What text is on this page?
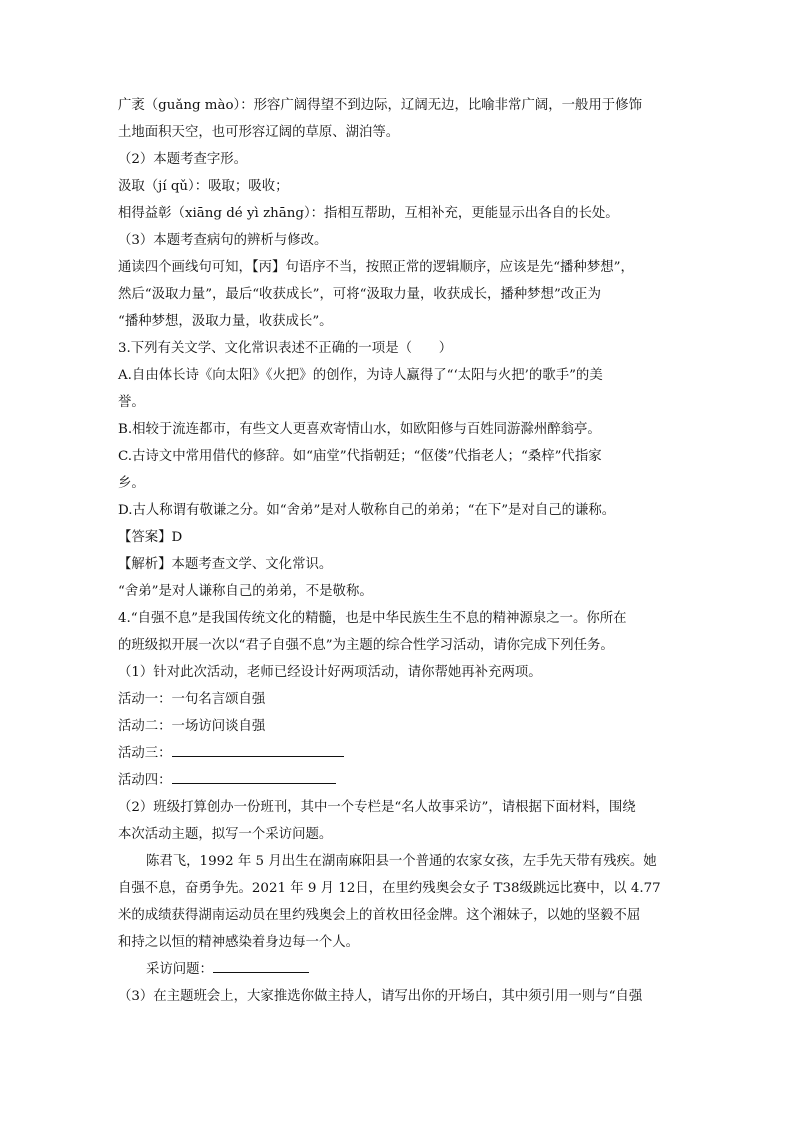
广袤（guǎng mào）：形容广阔得望不到边际，辽阔无边，比喻非常广阔，一般用于修饰
土地面积天空，也可形容辽阔的草原、湖泊等。
（2）本题考查字形。
汲取（jí qǔ）：吸取；吸收；
相得益彰（xiāng dé yì zhāng）：指相互帮助，互相补充，更能显示出各自的长处。
（3）本题考查病句的辨析与修改。
通读四个画线句可知，【丙】句语序不当，按照正常的逻辑顺序，应该是先“播种梦想”，
然后“汲取力量”，最后“收获成长”，可将“汲取力量，收获成长，播种梦想”改正为
“播种梦想，汲取力量，收获成长”。
3.下列有关文学、文化常识表述不正确的一项是（　　）
A.自由体长诗《向太阳》《火把》的创作，为诗人赢得了“‘太阳与火把’的歌手”的美
誉。
B.相较于流连都市，有些文人更喜欢寄情山水，如欧阳修与百姓同游滁州醉翁亭。
C.古诗文中常用借代的修辞。如“庙堂”代指朝廷；“伛偻”代指老人；“桑梓”代指家
乡。
D.古人称谓有敬谦之分。如“舍弟”是对人敬称自己的弟弟；“在下”是对自己的谦称。
【答案】D
【解析】本题考查文学、文化常识。
“舍弟”是对人谦称自己的弟弟，不是敬称。
4.“自强不息”是我国传统文化的精髓，也是中华民族生生不息的精神源泉之一。你所在
的班级拟开展一次以“君子自强不息”为主题的综合性学习活动，请你完成下列任务。
（1）针对此次活动，老师已经设计好两项活动，请你帮她再补充两项。
活动一：一句名言颂自强
活动二：一场访问谈自强
活动三：
活动四：
（2）班级打算创办一份班刊，其中一个专栏是“名人故事采访”，请根据下面材料，围绕
本次活动主题，拟写一个采访问题。
陈君飞，1992 年 5 月出生在湖南麻阳县一个普通的农家女孩，左手先天带有残疾。她
自强不息，奋勇争先。2021 年 9 月 12日，在里约残奥会女子 T38级跳远比赛中，以 4.77
米的成绩获得湖南运动员在里约残奥会上的首枚田径金牌。这个湘妹子，以她的坚毅不屈
和持之以恒的精神感染着身边每一个人。
采访问题：
（3）在主题班会上，大家推选你做主持人，请写出你的开场白，其中须引用一则与“自强
